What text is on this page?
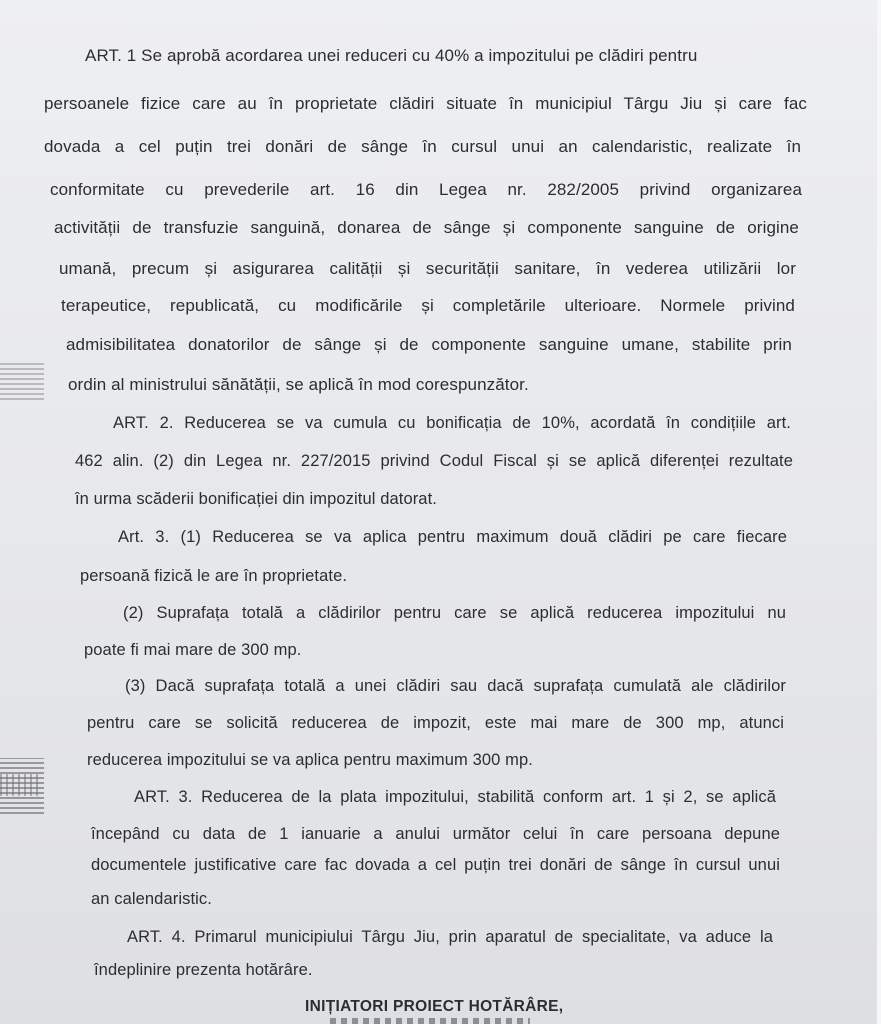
ART. 1 Se aprobă acordarea unei reduceri cu 40% a impozitului pe clădiri pentru
persoanele fizice care au în proprietate clădiri situate în municipiul Târgu Jiu și care fac
dovada a cel puțin trei donări de sânge în cursul unui an calendaristic, realizate în
conformitate cu prevederile art. 16 din Legea nr. 282/2005 privind organizarea
activității de transfuzie sanguină, donarea de sânge și componente sanguine de origine
umană, precum și asigurarea calității și securității sanitare, în vederea utilizării lor
terapeutice, republicată, cu modificările și completările ulterioare. Normele privind
admisibilitatea donatorilor de sânge și de componente sanguine umane, stabilite prin
ordin al ministrului sănătății, se aplică în mod corespunzător.
ART. 2. Reducerea se va cumula cu bonificația de 10%, acordată în condițiile art.
462 alin. (2) din Legea nr. 227/2015 privind Codul Fiscal și se aplică diferenței rezultate
în urma scăderii bonificației din impozitul datorat.
Art. 3. (1) Reducerea se va aplica pentru maximum două clădiri pe care fiecare
persoană fizică le are în proprietate.
(2) Suprafața totală a clădirilor pentru care se aplică reducerea impozitului nu
poate fi mai mare de 300 mp.
(3) Dacă suprafața totală a unei clădiri sau dacă suprafața cumulată ale clădirilor
pentru care se solicită reducerea de impozit, este mai mare de 300 mp, atunci
reducerea impozitului se va aplica pentru maximum 300 mp.
ART. 3. Reducerea de la plata impozitului, stabilită conform art. 1 și 2, se aplică
începând cu data de 1 ianuarie a anului următor celui în care persoana depune
documentele justificative care fac dovada a cel puțin trei donări de sânge în cursul unui
an calendaristic.
ART. 4. Primarul municipiului Târgu Jiu, prin aparatul de specialitate, va aduce la
îndeplinire prezenta hotărâre.
INIȚIATORI PROIECT HOTĂRÂRE,
